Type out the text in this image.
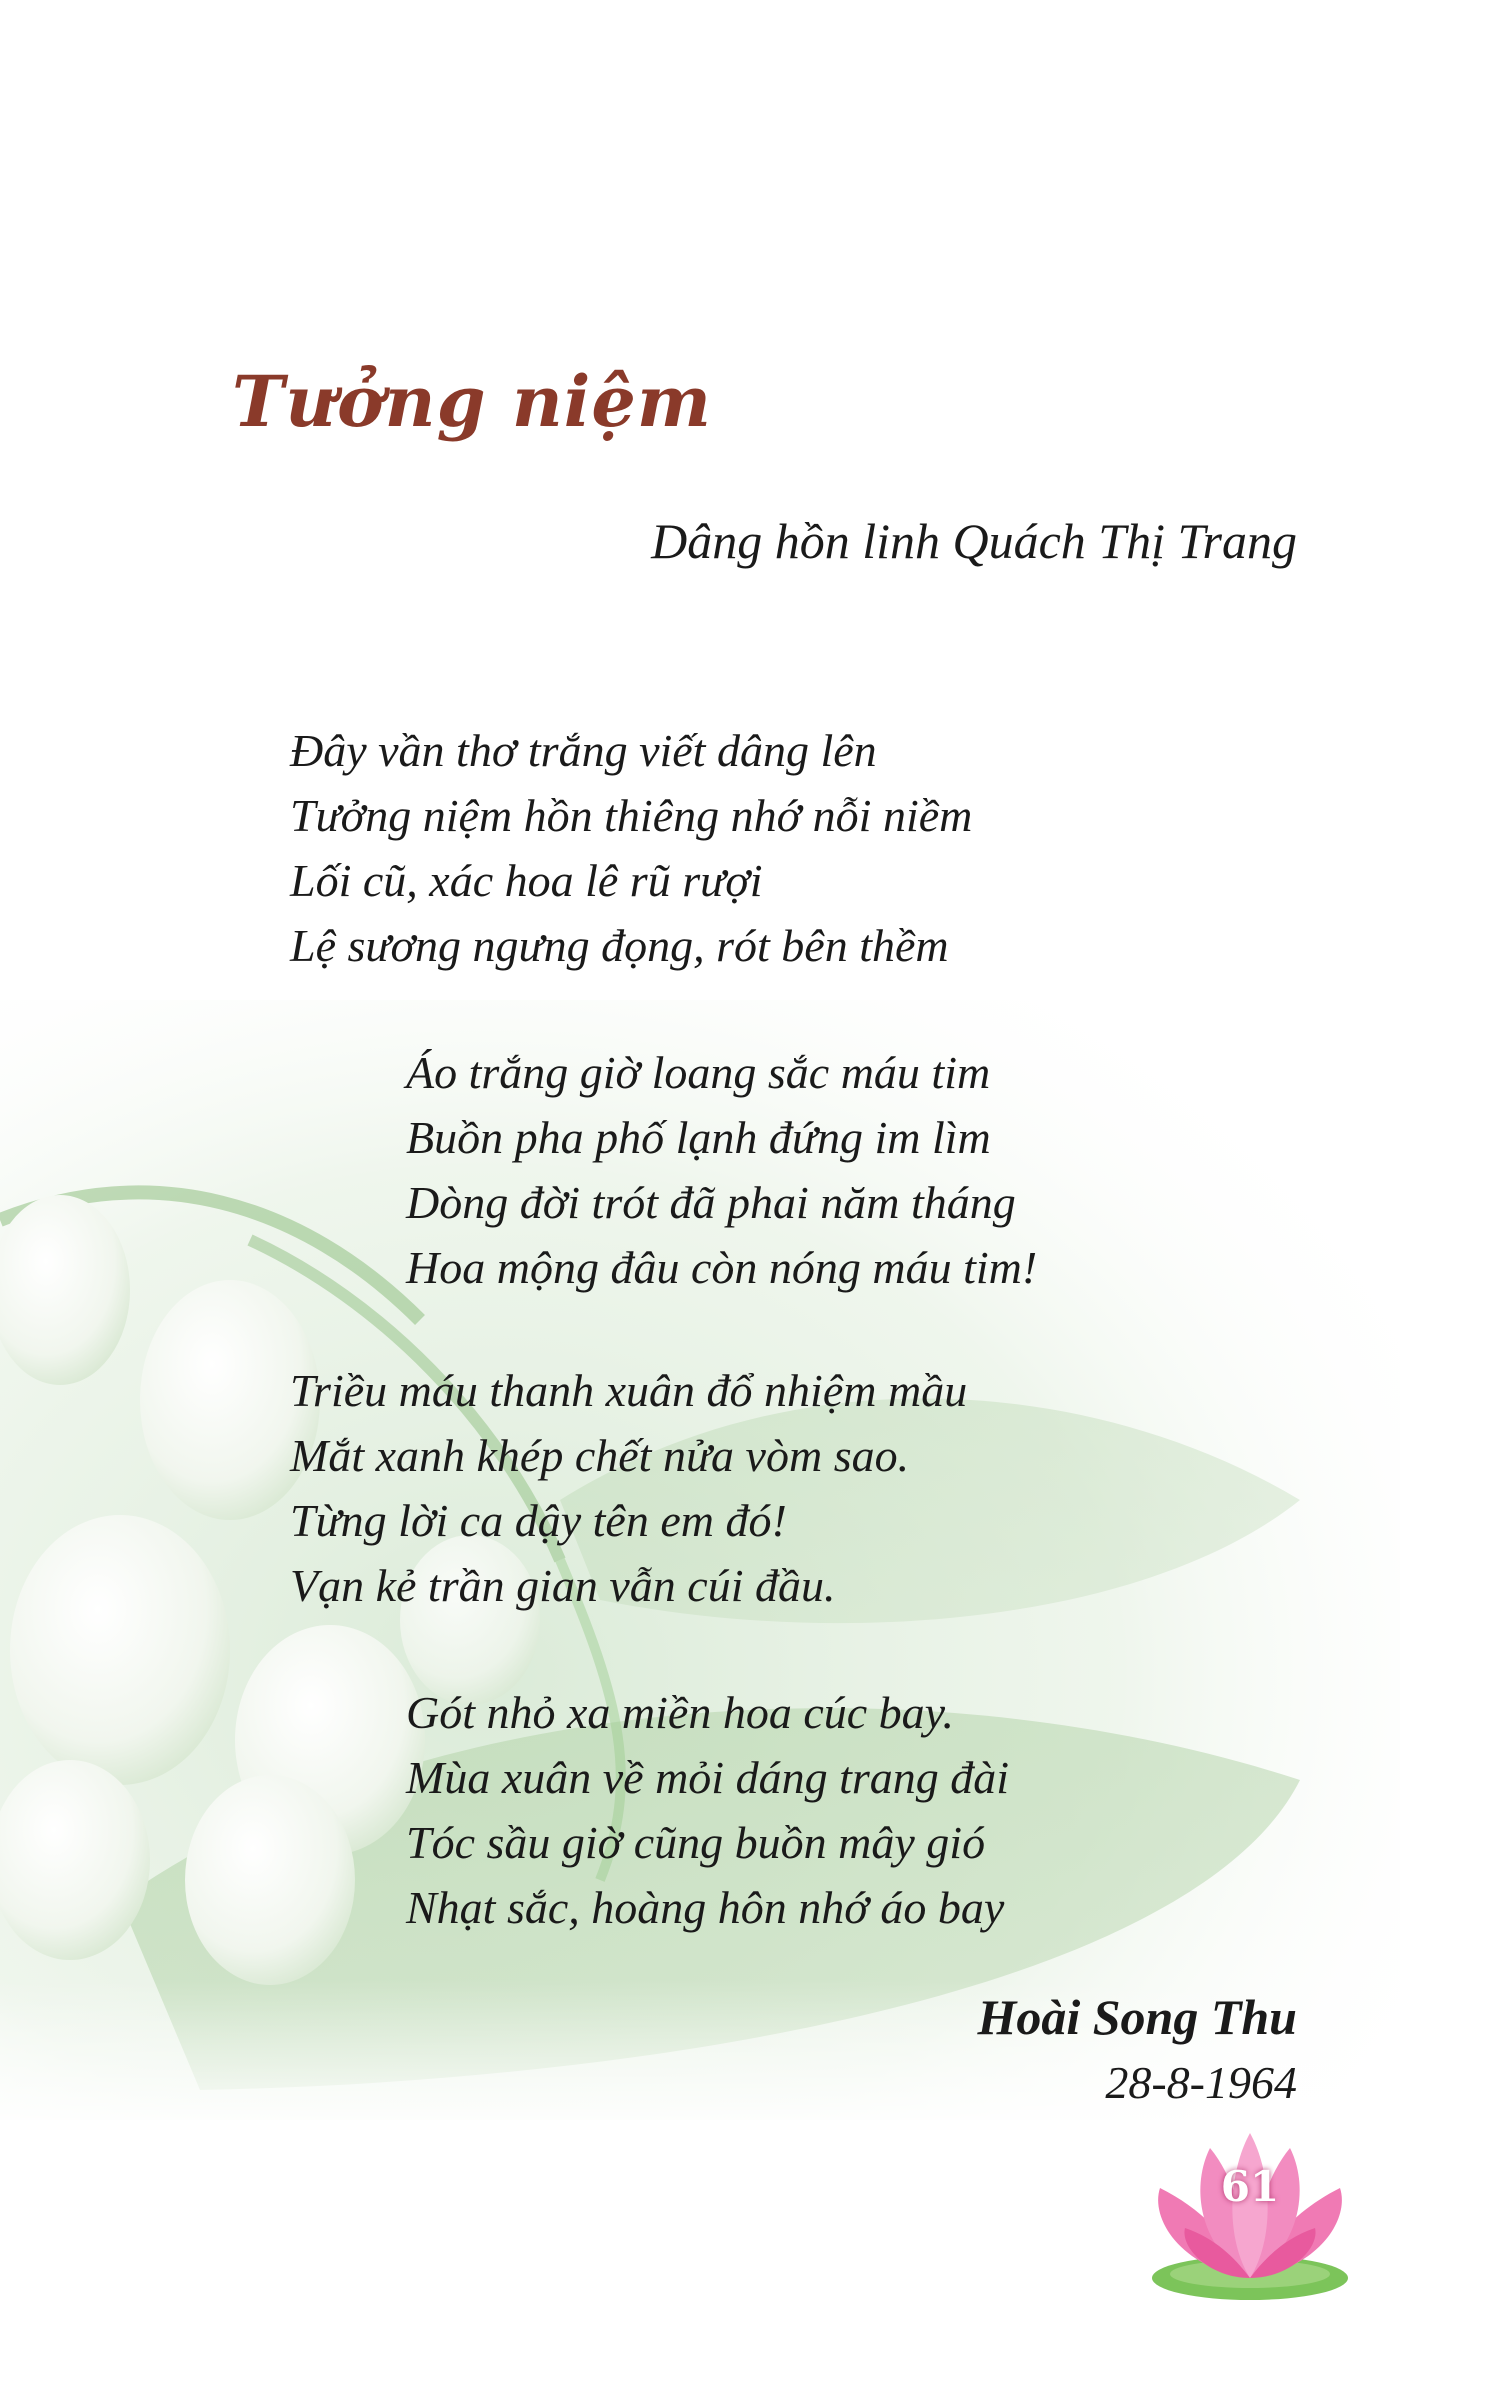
Tưởng niệm
Dâng hồn linh Quách Thị Trang
Đây vần thơ trắng viết dâng lên
Tưởng niệm hồn thiêng nhớ nỗi niềm
Lối cũ, xác hoa lê rũ rượi
Lệ sương ngưng đọng, rót bên thềm
Áo trắng giờ loang sắc máu tim
Buồn pha phố lạnh đứng im lìm
Dòng đời trót đã phai năm tháng
Hoa mộng đâu còn nóng máu tim!
Triều máu thanh xuân đổ nhiệm mầu
Mắt xanh khép chết nửa vòm sao.
Từng lời ca dậy tên em đó!
Vạn kẻ trần gian vẫn cúi đầu.
Gót nhỏ xa miền hoa cúc bay.
Mùa xuân về mỏi dáng trang đài
Tóc sầu giờ cũng buồn mây gió
Nhạt sắc, hoàng hôn nhớ áo bay
Hoài Song Thu
28-8-1964
61
